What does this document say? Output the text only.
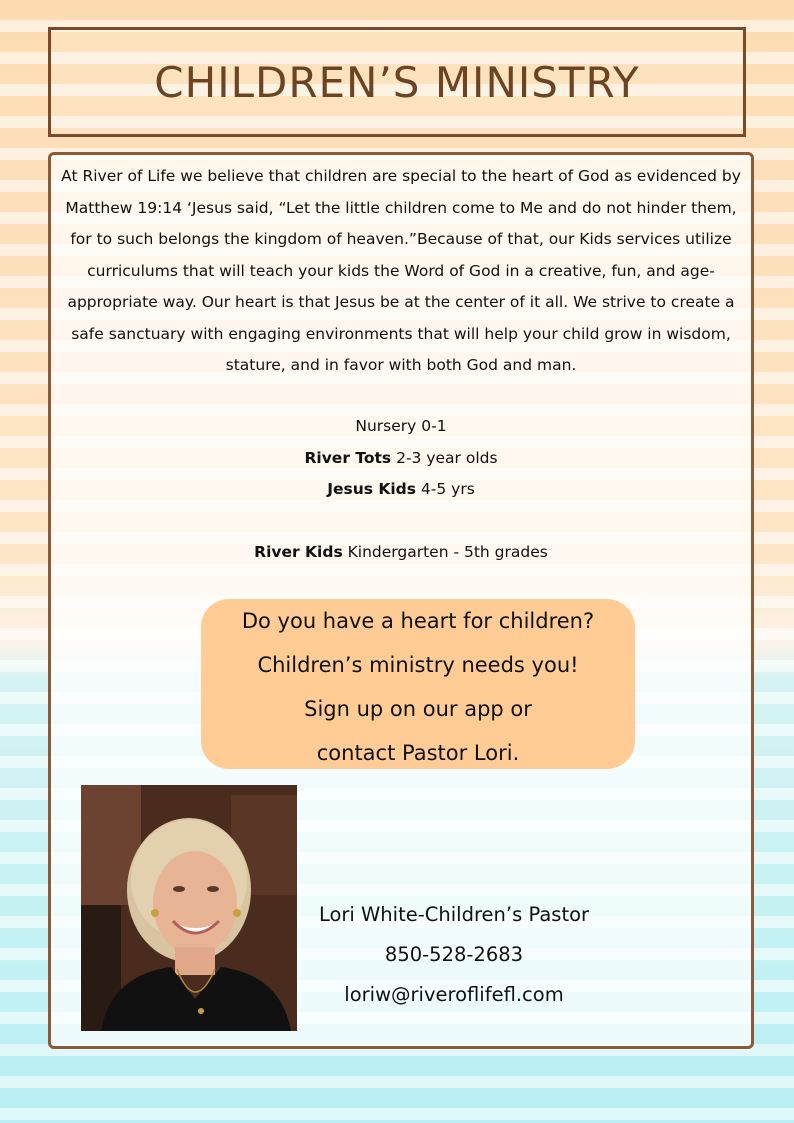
CHILDREN’S MINISTRY

At River of Life we believe that children are special to the heart of God as evidenced by Matthew 19:14 ‘Jesus said, “Let the little children come to Me and do not hinder them, for to such belongs the kingdom of heaven.”Because of that, our Kids services utilize curriculums that will teach your kids the Word of God in a creative, fun, and age-appropriate way. Our heart is that Jesus be at the center of it all. We strive to create a safe sanctuary with engaging environments that will help your child grow in wisdom, stature, and in favor with both God and man.

Nursery 0-1
River Tots 2-3 year olds
Jesus Kids 4-5 yrs
River Kids Kindergarten - 5th grades
Do you have a heart for children?
Children’s ministry needs you!
Sign up on our app or
contact Pastor Lori.
Lori White-Children’s Pastor
850-528-2683
loriw@riveroflifefl.com
